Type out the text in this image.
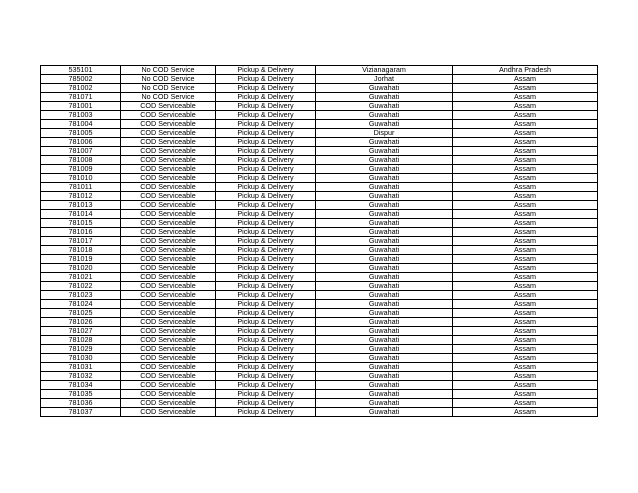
535101	No COD Service	Pickup & Delivery	Vizianagaram	Andhra Pradesh
785002	No COD Service	Pickup & Delivery	Jorhat	Assam
781002	No COD Service	Pickup & Delivery	Guwahati	Assam
781071	No COD Service	Pickup & Delivery	Guwahati	Assam
781001	COD Serviceable	Pickup & Delivery	Guwahati	Assam
781003	COD Serviceable	Pickup & Delivery	Guwahati	Assam
781004	COD Serviceable	Pickup & Delivery	Guwahati	Assam
781005	COD Serviceable	Pickup & Delivery	Dispur	Assam
781006	COD Serviceable	Pickup & Delivery	Guwahati	Assam
781007	COD Serviceable	Pickup & Delivery	Guwahati	Assam
781008	COD Serviceable	Pickup & Delivery	Guwahati	Assam
781009	COD Serviceable	Pickup & Delivery	Guwahati	Assam
781010	COD Serviceable	Pickup & Delivery	Guwahati	Assam
781011	COD Serviceable	Pickup & Delivery	Guwahati	Assam
781012	COD Serviceable	Pickup & Delivery	Guwahati	Assam
781013	COD Serviceable	Pickup & Delivery	Guwahati	Assam
781014	COD Serviceable	Pickup & Delivery	Guwahati	Assam
781015	COD Serviceable	Pickup & Delivery	Guwahati	Assam
781016	COD Serviceable	Pickup & Delivery	Guwahati	Assam
781017	COD Serviceable	Pickup & Delivery	Guwahati	Assam
781018	COD Serviceable	Pickup & Delivery	Guwahati	Assam
781019	COD Serviceable	Pickup & Delivery	Guwahati	Assam
781020	COD Serviceable	Pickup & Delivery	Guwahati	Assam
781021	COD Serviceable	Pickup & Delivery	Guwahati	Assam
781022	COD Serviceable	Pickup & Delivery	Guwahati	Assam
781023	COD Serviceable	Pickup & Delivery	Guwahati	Assam
781024	COD Serviceable	Pickup & Delivery	Guwahati	Assam
781025	COD Serviceable	Pickup & Delivery	Guwahati	Assam
781026	COD Serviceable	Pickup & Delivery	Guwahati	Assam
781027	COD Serviceable	Pickup & Delivery	Guwahati	Assam
781028	COD Serviceable	Pickup & Delivery	Guwahati	Assam
781029	COD Serviceable	Pickup & Delivery	Guwahati	Assam
781030	COD Serviceable	Pickup & Delivery	Guwahati	Assam
781031	COD Serviceable	Pickup & Delivery	Guwahati	Assam
781032	COD Serviceable	Pickup & Delivery	Guwahati	Assam
781034	COD Serviceable	Pickup & Delivery	Guwahati	Assam
781035	COD Serviceable	Pickup & Delivery	Guwahati	Assam
781036	COD Serviceable	Pickup & Delivery	Guwahati	Assam
781037	COD Serviceable	Pickup & Delivery	Guwahati	Assam
